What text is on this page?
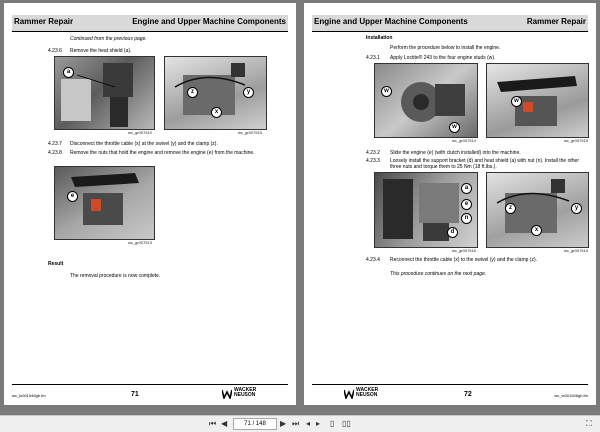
Rammer Repair	Engine and Upper Machine Components
Continued from the previous page.
4.23.6 Remove the heat shield (a).
a
wc_gr007510
z	y
x
wc_gr007515
4.23.7 Disconnect the throttle cable (x) at the swivel (y) and the clamp (z).
4.23.8 Remove the nuts that hold the engine and remove the engine (e) from the machine.
e
wc_gr007513
Result
The removal procedure is now complete.
wc_tx001546gb.fm	71
WACKER
NEUSON
Engine and Upper Machine Components	Rammer Repair
Installation
Perform the procedure below to install the engine.
4.23.1 Apply Loctite® 243 to the four engine studs (w).
w
w
wc_gr007514
w
wc_gr007515
4.23.2 Slide the engine (e) (with clutch installed) into the machine.
4.23.3 Loosely install the support bracket (d) and heat shield (a) with nut (n). Install the other three nuts and torque them to 25 Nm (18 ft.lbs.).
a
e
n
d
wc_gr007516
z	y
x
wc_gr007515
4.23.4 Reconnect the throttle cable (x) to the swivel (y) and the clamp (z).
This procedure continues on the next page.
WACKER
NEUSON	72	wc_tx001546gb.fm
⏮ ◀	71 / 148	▶ ⏭ ◂ ▸ ▯ ▯▯	⛶
